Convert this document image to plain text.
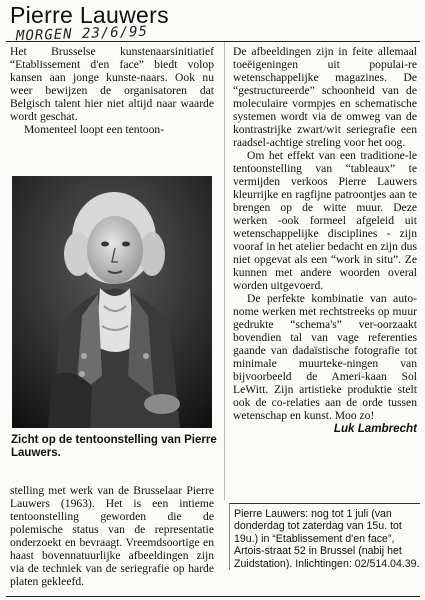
Pierre Lauwers
MORGEN 23/6/95

Het Brusselse kunstenaarsinitiatief “Etablissement d'en face” biedt volop kansen aan jonge kunste-naars. Ook nu weer bewijzen de organisatoren dat Belgisch talent hier niet altijd naar waarde wordt geschat.

Momenteel loopt een tentoon-

Zicht op de tentoonstelling van Pierre Lauwers.

stelling met werk van de Brusselaar Pierre Lauwers (1963). Het is een intieme tentoonstelling geworden die de polemische status van de representatie onderzoekt en bevraagt. Vreemdsoortige en haast bovennatuurlijke afbeeldingen zijn via de techniek van de seriegrafie op harde platen gekleefd.

De afbeeldingen zijn in feite allemaal toeëigeningen uit populai-re wetenschappelijke magazines. De “gestructureerde” schoonheid van de moleculaire vormpjes en schematische systemen wordt via de omweg van de kontrastrijke zwart/wit seriegrafie een raadsel-achtige streling voor het oog.

Om het effekt van een traditione-le tentoonstelling van “tableaux” te vermijden verkoos Pierre Lauwers kleurrijke en ragfijne patroontjes aan te brengen op de witte muur. Deze werken -ook formeel afgeleid uit wetenschappelijke disciplines - zijn vooraf in het atelier bedacht en zijn dus niet opgevat als een “work in situ”. Ze kunnen met andere woorden overal worden uitgevoerd.

De perfekte kombinatie van auto-nome werken met rechtstreeks op muur gedrukte “schema's” ver-oorzaakt bovendien tal van vage referenties gaande van dadaïstische fotografie tot minimale muurteke-ningen van bijvoorbeeld de Ameri-kaan Sol LeWitt. Zijn artistieke produktie stelt ook de co-relaties aan de orde tussen wetenschap en kunst. Moo zo!

Luk Lambrecht
Pierre Lauwers: nog tot 1 juli (van donderdag tot zaterdag van 15u. tot 19u.) in “Etablissement d'en face”, Artois-straat 52 in Brussel (nabij het Zuidstation). Inlichtingen: 02/514.04.39.
